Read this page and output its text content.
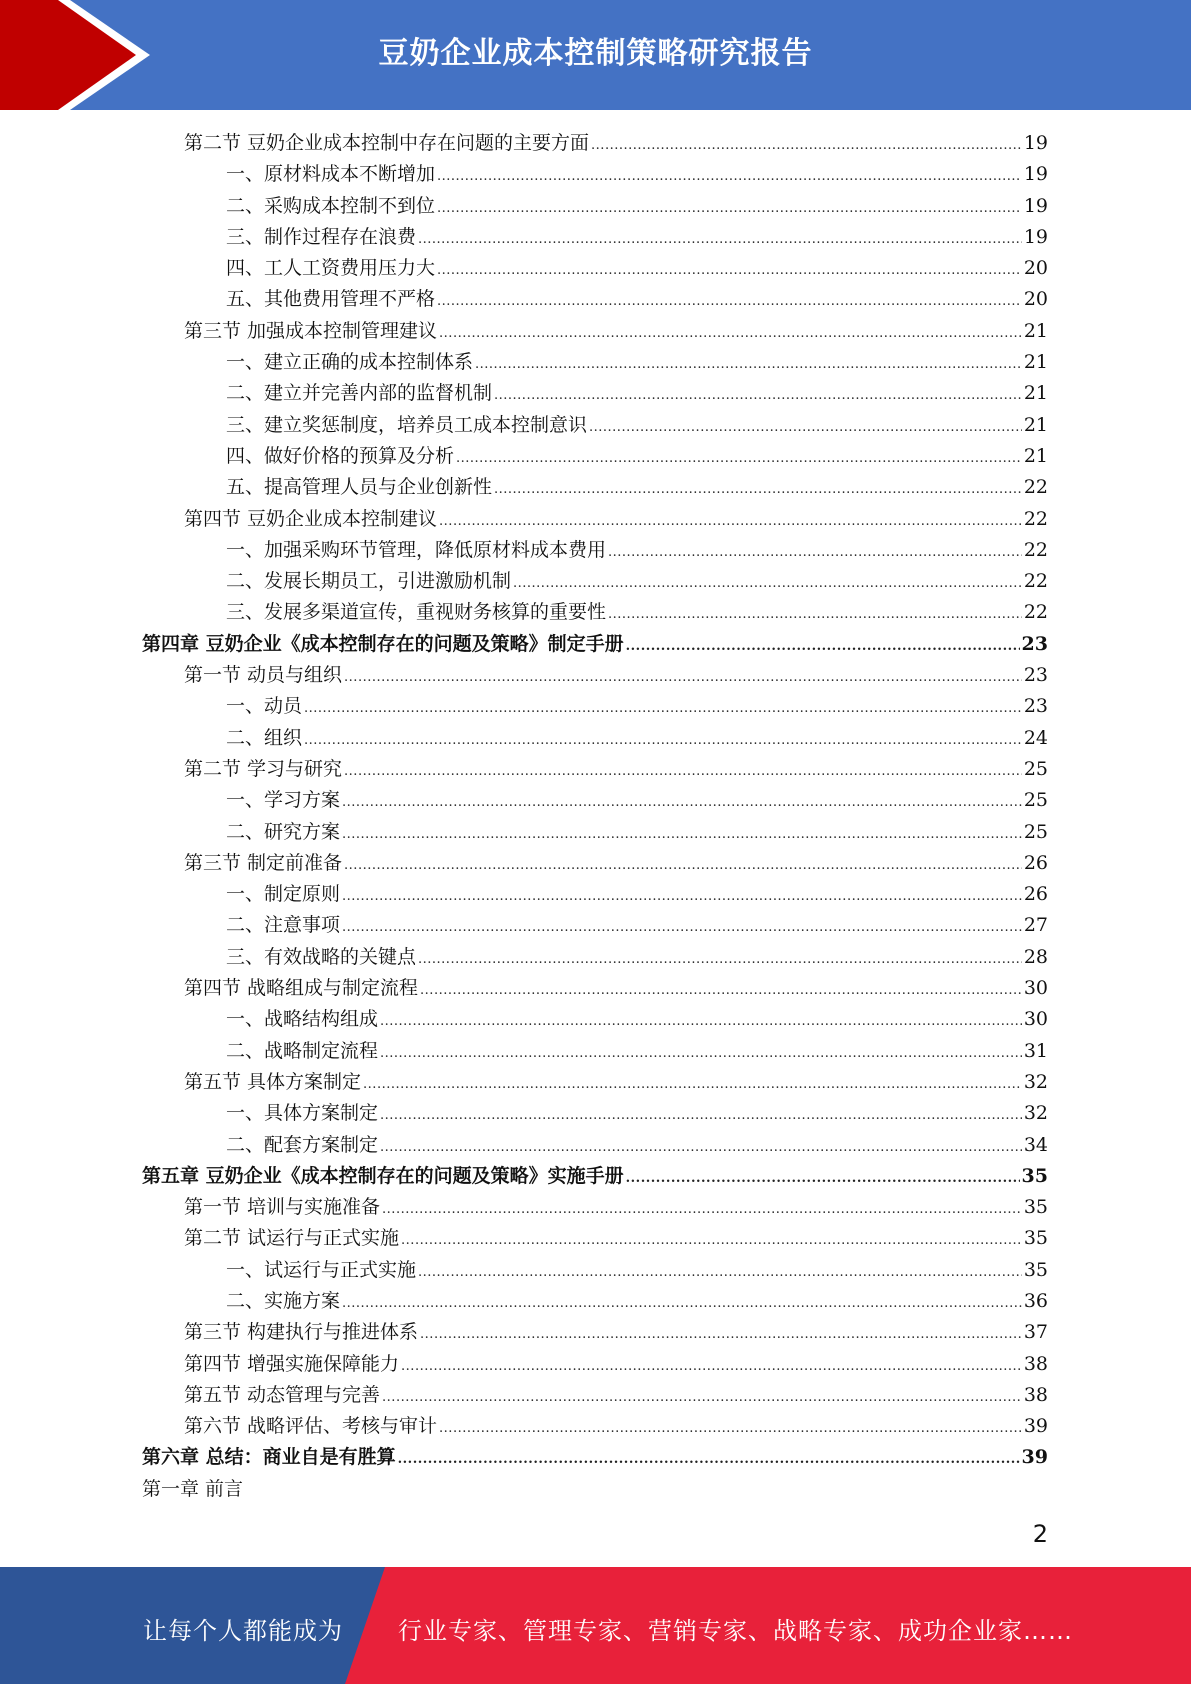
豆奶企业成本控制策略研究报告
第二节 豆奶企业成本控制中存在问题的主要方面 .....	19
一、原材料成本不断增加 .....	19
二、采购成本控制不到位 .....	19
三、制作过程存在浪费 .....	19
四、工人工资费用压力大 .....	20
五、其他费用管理不严格 .....	20
第三节 加强成本控制管理建议 .....	21
一、建立正确的成本控制体系 .....	21
二、建立并完善内部的监督机制 .....	21
三、建立奖惩制度，培养员工成本控制意识 .....	21
四、做好价格的预算及分析 .....	21
五、提高管理人员与企业创新性 .....	22
第四节 豆奶企业成本控制建议 .....	22
一、加强采购环节管理，降低原材料成本费用 .....	22
二、发展长期员工，引进激励机制 .....	22
三、发展多渠道宣传，重视财务核算的重要性 .....	22
第四章 豆奶企业《成本控制存在的问题及策略》制定手册 .....	23
第一节 动员与组织 .....	23
一、动员 .....	23
二、组织 .....	24
第二节 学习与研究 .....	25
一、学习方案 .....	25
二、研究方案 .....	25
第三节 制定前准备 .....	26
一、制定原则 .....	26
二、注意事项 .....	27
三、有效战略的关键点 .....	28
第四节 战略组成与制定流程 .....	30
一、战略结构组成 .....	30
二、战略制定流程 .....	31
第五节 具体方案制定 .....	32
一、具体方案制定 .....	32
二、配套方案制定 .....	34
第五章 豆奶企业《成本控制存在的问题及策略》实施手册 .....	35
第一节 培训与实施准备 .....	35
第二节 试运行与正式实施 .....	35
一、试运行与正式实施 .....	35
二、实施方案 .....	36
第三节 构建执行与推进体系 .....	37
第四节 增强实施保障能力 .....	38
第五节 动态管理与完善 .....	38
第六节 战略评估、考核与审计 .....	39
第六章 总结：商业自是有胜算 .....	39
第一章 前言
2
让每个人都能成为 行业专家、管理专家、营销专家、战略专家、成功企业家……
